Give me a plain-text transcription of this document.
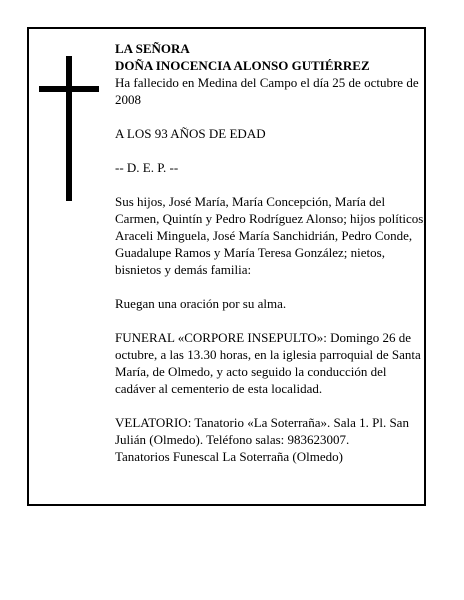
LA SEÑORA

DOÑA INOCENCIA ALONSO GUTIÉRREZ

Ha fallecido en Medina del Campo el día 25 de octubre de 2008

A LOS 93 AÑOS DE EDAD

-- D. E. P. --

Sus hijos, José María, María Concepción, María del Carmen, Quintín y Pedro Rodríguez Alonso; hijos políticos, Araceli Minguela, José María Sanchidrián, Pedro Conde, Guadalupe Ramos y María Teresa González; nietos, bisnietos y demás familia:

Ruegan una oración por su alma.

FUNERAL «CORPORE INSEPULTO»: Domingo 26 de octubre, a las 13.30 horas, en la iglesia parroquial de Santa María, de Olmedo, y acto seguido la conducción del cadáver al cementerio de esta localidad.

VELATORIO: Tanatorio «La Soterraña». Sala 1. Pl. San Julián (Olmedo). Teléfono salas: 983623007.

Tanatorios Funescal La Soterraña (Olmedo)
